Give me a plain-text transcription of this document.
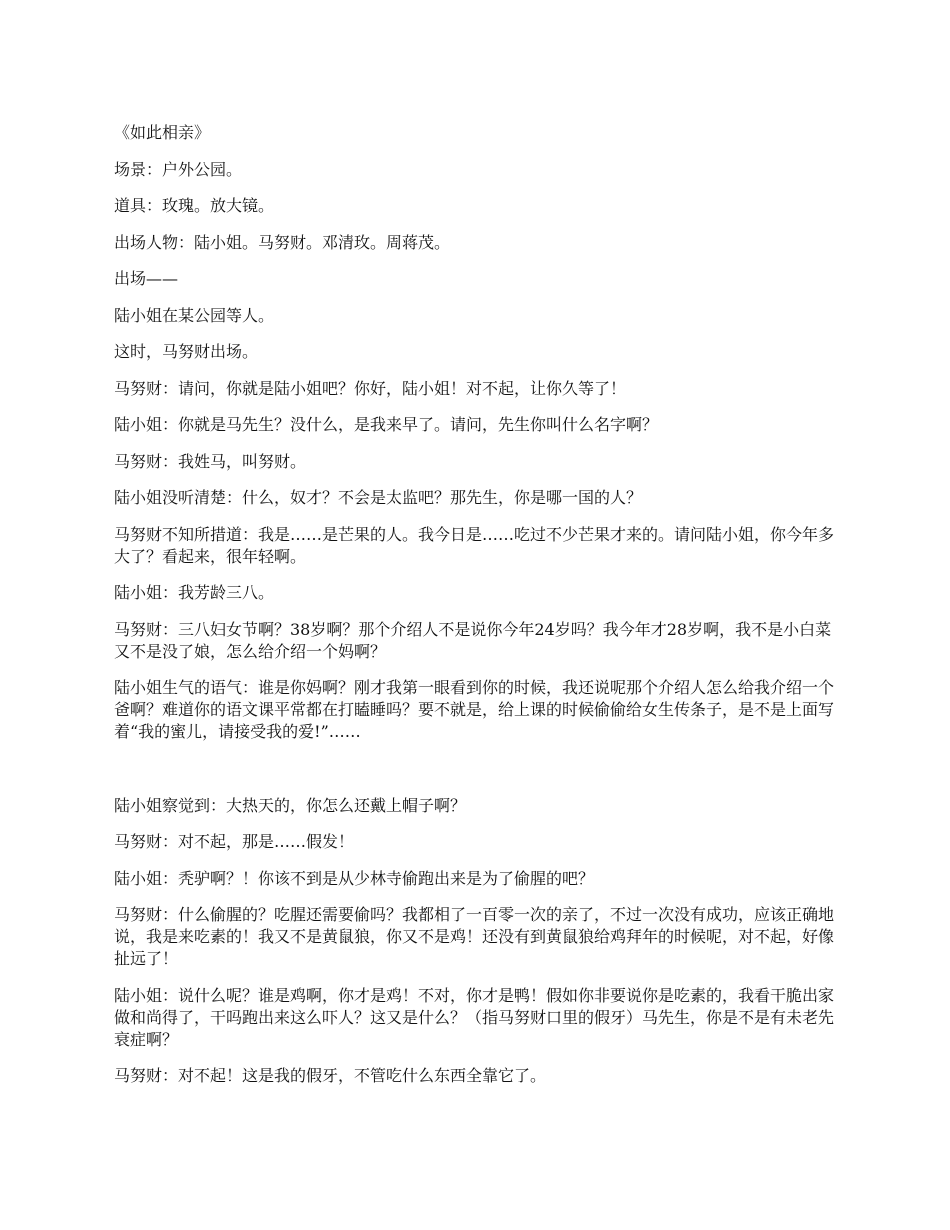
《如此相亲》

场景：户外公园。

道具：玫瑰。放大镜。

出场人物：陆小姐。马努财。邓清玫。周蒋茂。

出场——

陆小姐在某公园等人。

这时，马努财出场。

马努财：请问，你就是陆小姐吧？你好，陆小姐！对不起，让你久等了！

陆小姐：你就是马先生？没什么，是我来早了。请问，先生你叫什么名字啊？

马努财：我姓马，叫努财。

陆小姐没听清楚：什么，奴才？不会是太监吧？那先生，你是哪一国的人？

马努财不知所措道：我是……是芒果的人。我今日是……吃过不少芒果才来的。请问陆小姐，你今年多大了？看起来，很年轻啊。

陆小姐：我芳龄三八。

马努财：三八妇女节啊？38岁啊？那个介绍人不是说你今年24岁吗？我今年才28岁啊，我不是小白菜又不是没了娘，怎么给介绍一个妈啊？

陆小姐生气的语气：谁是你妈啊？刚才我第一眼看到你的时候，我还说呢那个介绍人怎么给我介绍一个爸啊？难道你的语文课平常都在打瞌睡吗？要不就是，给上课的时候偷偷给女生传条子，是不是上面写着“我的蜜儿，请接受我的爱!”……

陆小姐察觉到：大热天的，你怎么还戴上帽子啊？

马努财：对不起，那是……假发！

陆小姐：秃驴啊？！你该不到是从少林寺偷跑出来是为了偷腥的吧？

马努财：什么偷腥的？吃腥还需要偷吗？我都相了一百零一次的亲了，不过一次没有成功，应该正确地说，我是来吃素的！我又不是黄鼠狼，你又不是鸡！还没有到黄鼠狼给鸡拜年的时候呢，对不起，好像扯远了！

陆小姐：说什么呢？谁是鸡啊，你才是鸡！不对，你才是鸭！假如你非要说你是吃素的，我看干脆出家做和尚得了，干吗跑出来这么吓人？这又是什么？（指马努财口里的假牙）马先生，你是不是有未老先衰症啊？

马努财：对不起！这是我的假牙，不管吃什么东西全靠它了。
